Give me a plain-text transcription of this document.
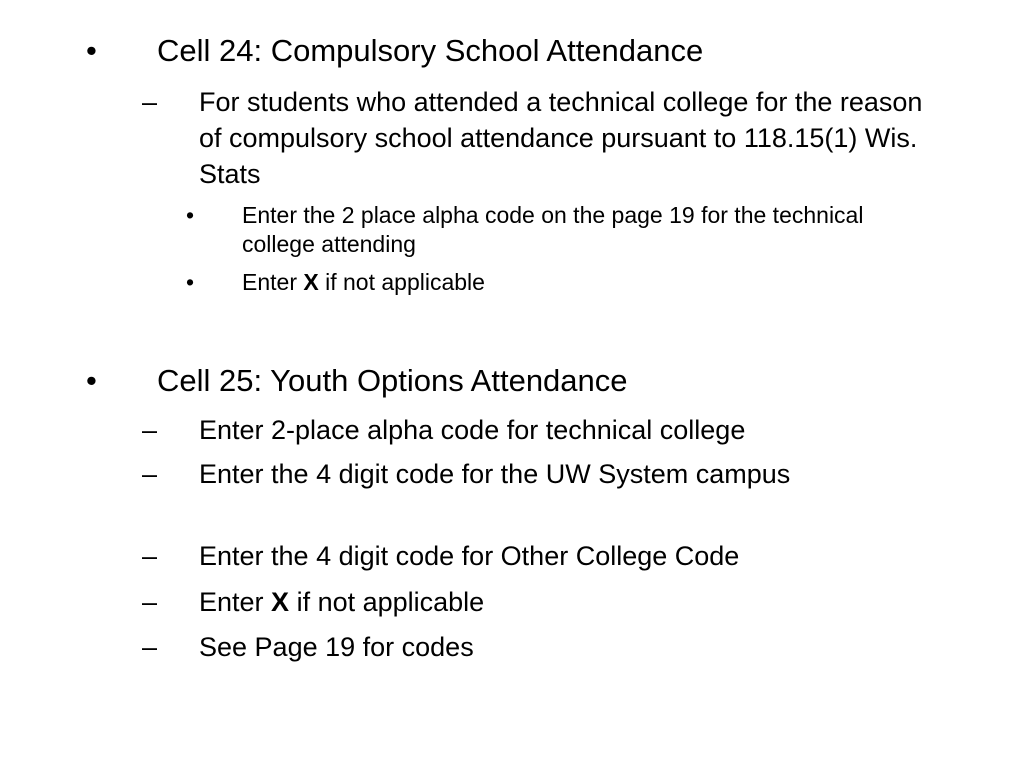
• Cell 24: Compulsory School Attendance
– For students who attended a technical college for the reason of compulsory school attendance pursuant to 118.15(1) Wis. Stats
• Enter the 2 place alpha code on the page 19 for the technical college attending
• Enter X if not applicable
• Cell 25: Youth Options Attendance
– Enter 2-place alpha code for technical college
– Enter the 4 digit code for the UW System campus
– Enter the 4 digit code for Other College Code
– Enter X if not applicable
– See Page 19 for codes
